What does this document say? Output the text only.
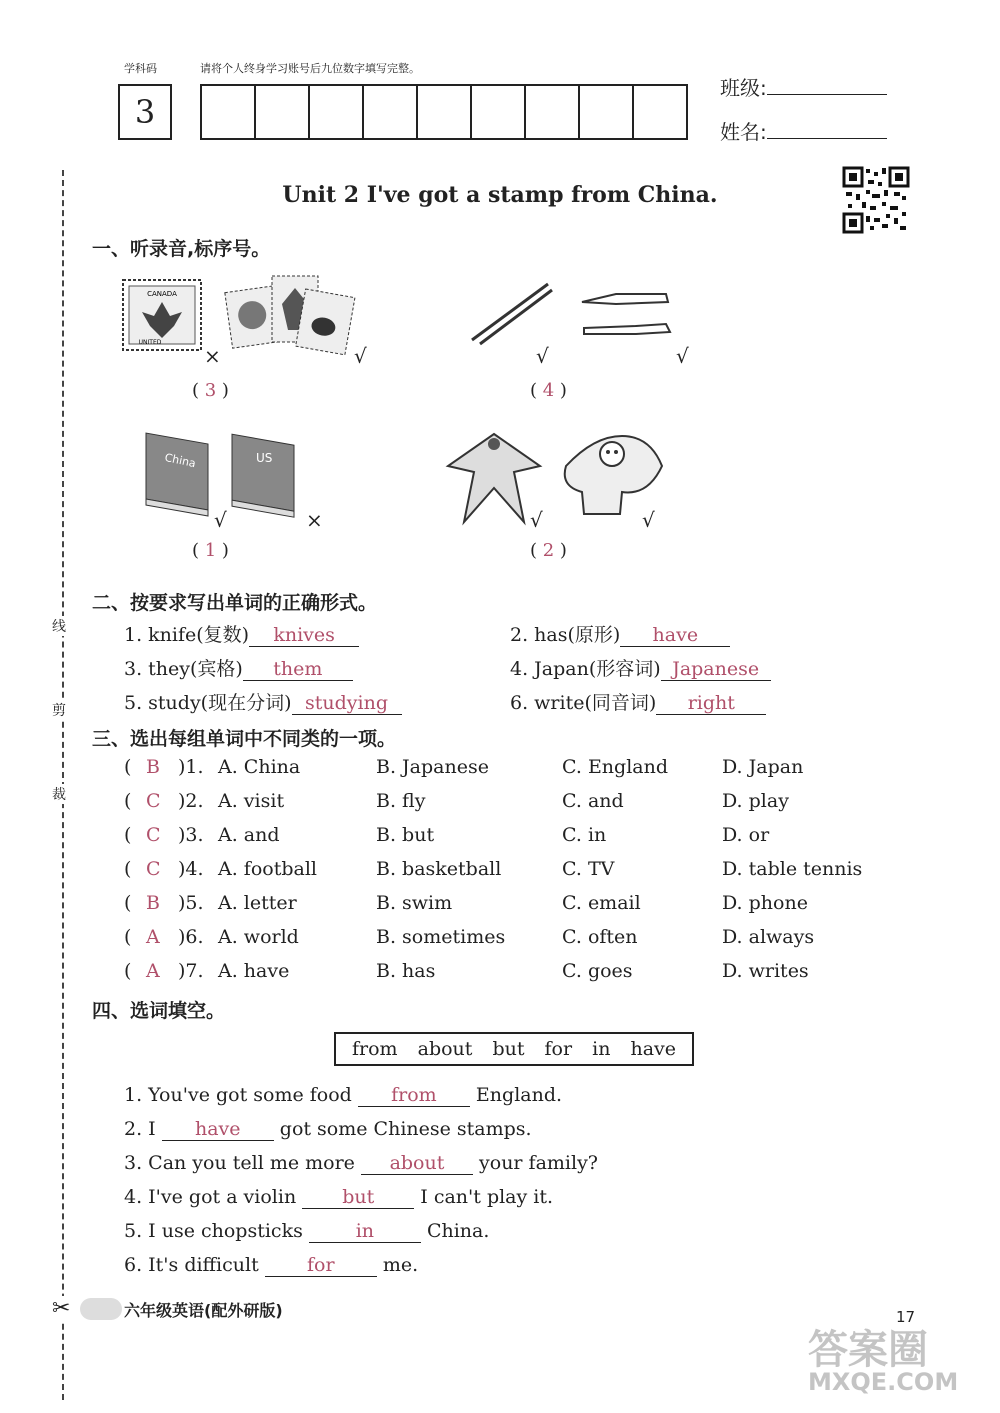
学科码	请将个人终身学习账号后九位数字填写完整。
3
班级:
姓名:
线
剪
裁
✂
Unit 2 I've got a stamp from China.
一、听录音,标序号。
CANADA
UNITED
×	√
( 3 )
√	√
( 4 )
China	US
√	×
( 1 )
√	√
( 2 )
二、按要求写出单词的正确形式。
1. knife(复数) knives	2. has(原形) have
3. they(宾格) them	4. Japan(形容词) Japanese
5. study(现在分词) studying	6. write(同音词) right
三、选出每组单词中不同类的一项。
( B )1. A. China	B. Japanese	C. England	D. Japan
( C )2. A. visit	B. fly	C. and	D. play
( C )3. A. and	B. but	C. in	D. or
( C )4. A. football	B. basketball	C. TV	D. table tennis
( B )5. A. letter	B. swim	C. email	D. phone
( A )6. A. world	B. sometimes	C. often	D. always
( A )7. A. have	B. has	C. goes	D. writes
四、选词填空。
from about but for in have
1. You've got some food from England.
2. I have got some Chinese stamps.
3. Can you tell me more about your family?
4. I've got a violin but I can't play it.
5. I use chopsticks	in	China.
6. It's difficult	for	me.
六年级英语(配外研版)	17
答案圈
MXQE.COM
